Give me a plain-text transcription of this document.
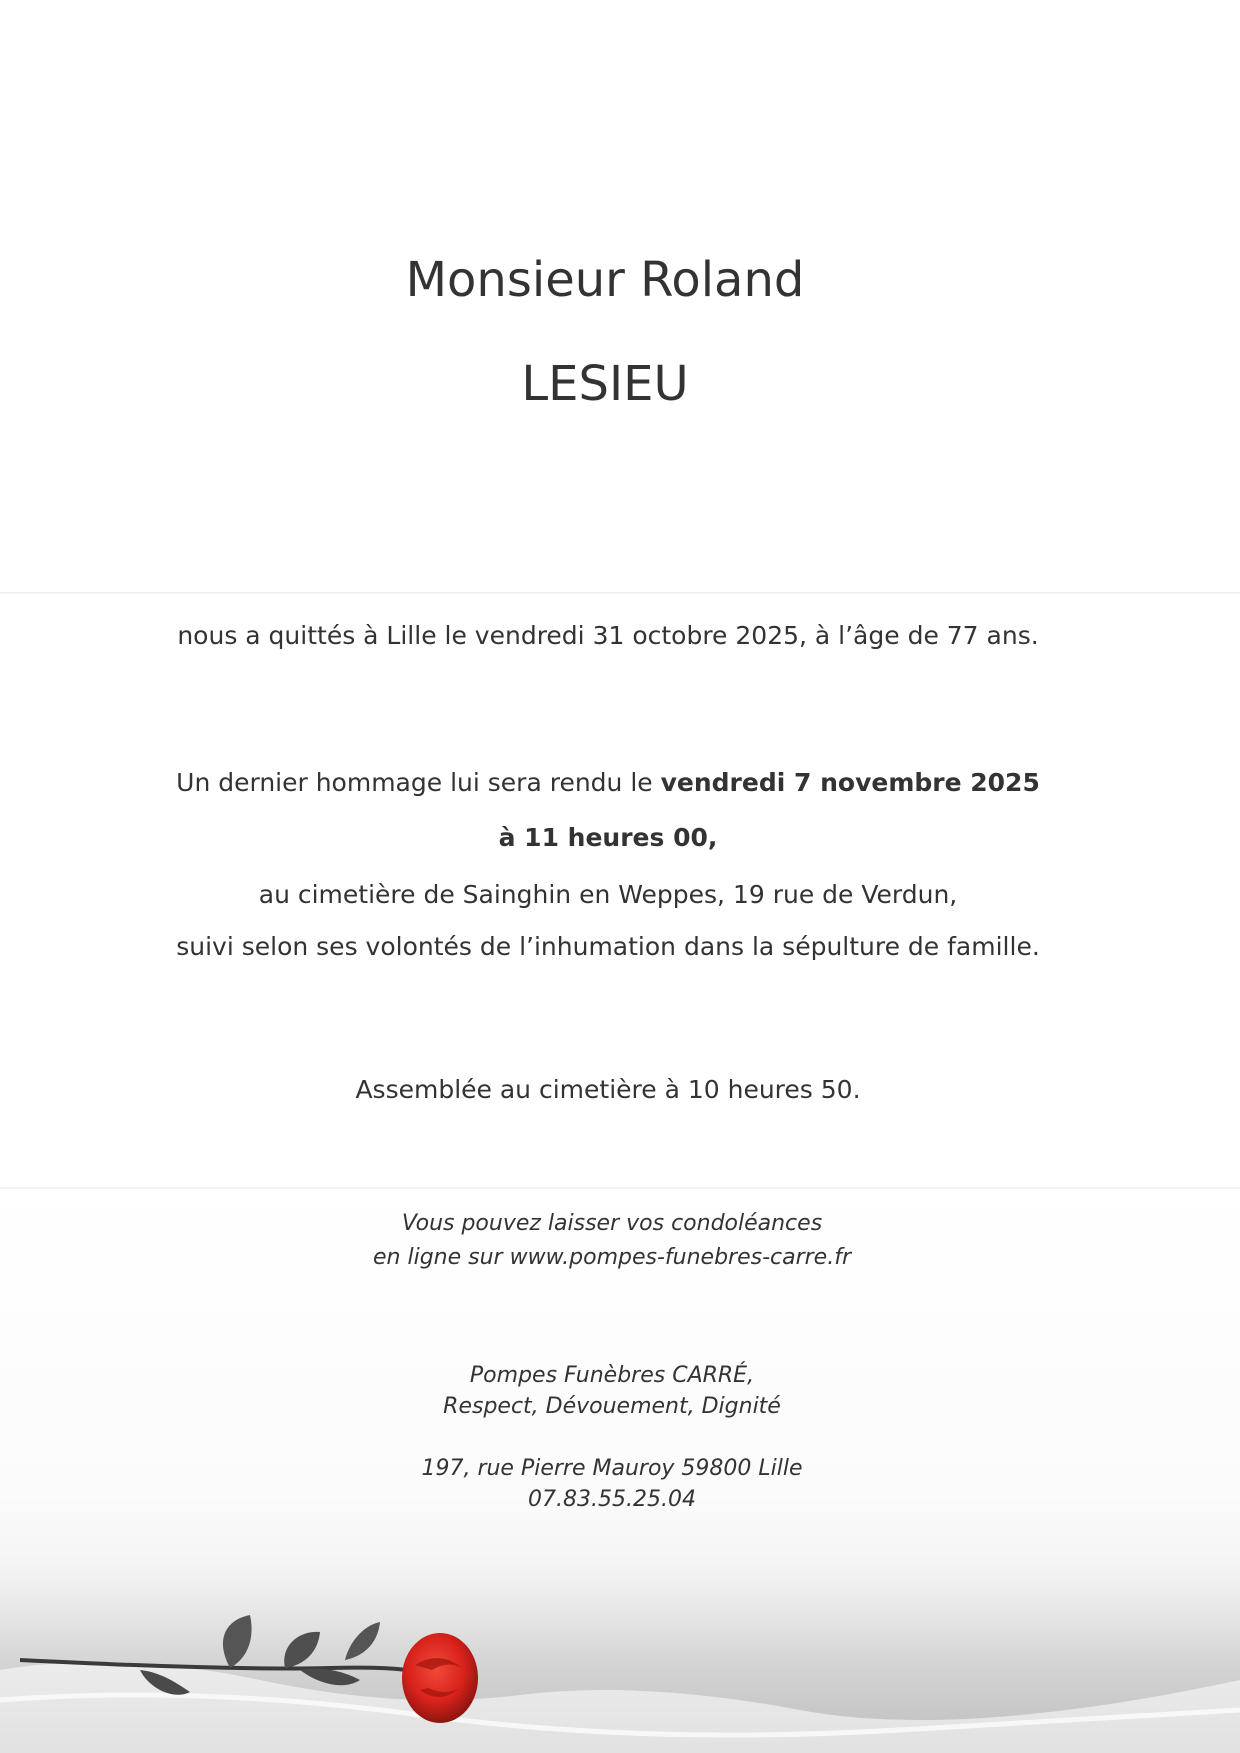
Monsieur Roland
LESIEU
nous a quittés à Lille le vendredi 31 octobre 2025, à l’âge de 77 ans.
Un dernier hommage lui sera rendu le vendredi 7 novembre 2025
à 11 heures 00,
au cimetière de Sainghin en Weppes, 19 rue de Verdun,
suivi selon ses volontés de l’inhumation dans la sépulture de famille.
Assemblée au cimetière à 10 heures 50.
Vous pouvez laisser vos condoléances
en ligne sur www.pompes-funebres-carre.fr
Pompes Funèbres CARRÉ,
Respect, Dévouement, Dignité
197, rue Pierre Mauroy 59800 Lille
07.83.55.25.04
